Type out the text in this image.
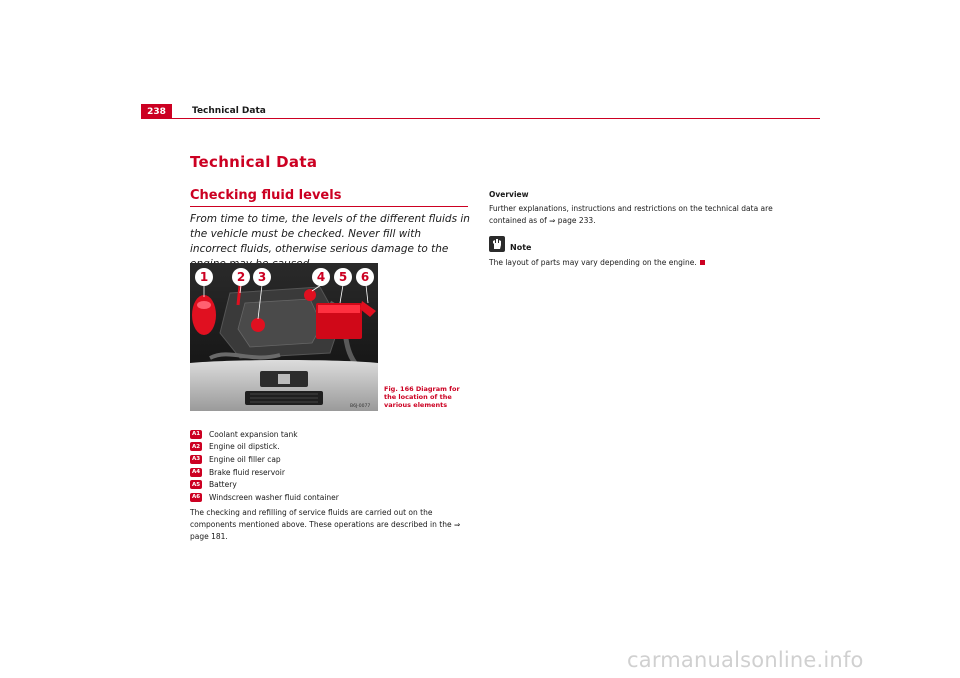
238	Technical Data
Technical Data
Checking fluid levels
From time to time, the levels of the different fluids in the vehicle must be checked. Never fill with incorrect fluids, otherwise serious damage to the
B6J-0077
1	2	3	4	5	6
Fig. 166 Diagram for the location of the various elements
A1 Coolant expansion tank
A2 Engine oil dipstick.
A3 Engine oil filler cap
A4 Brake fluid reservoir
A5 Battery
A6 Windscreen washer fluid container
The checking and refilling of service fluids are carried out on the components mentioned above. These operations are described in the ⇒ page 181.
Overview
Further explanations, instructions and restrictions on the technical data are contained as of ⇒ page 233.
Note
The layout of parts may vary depending on the engine.
carmanualsonline.info
